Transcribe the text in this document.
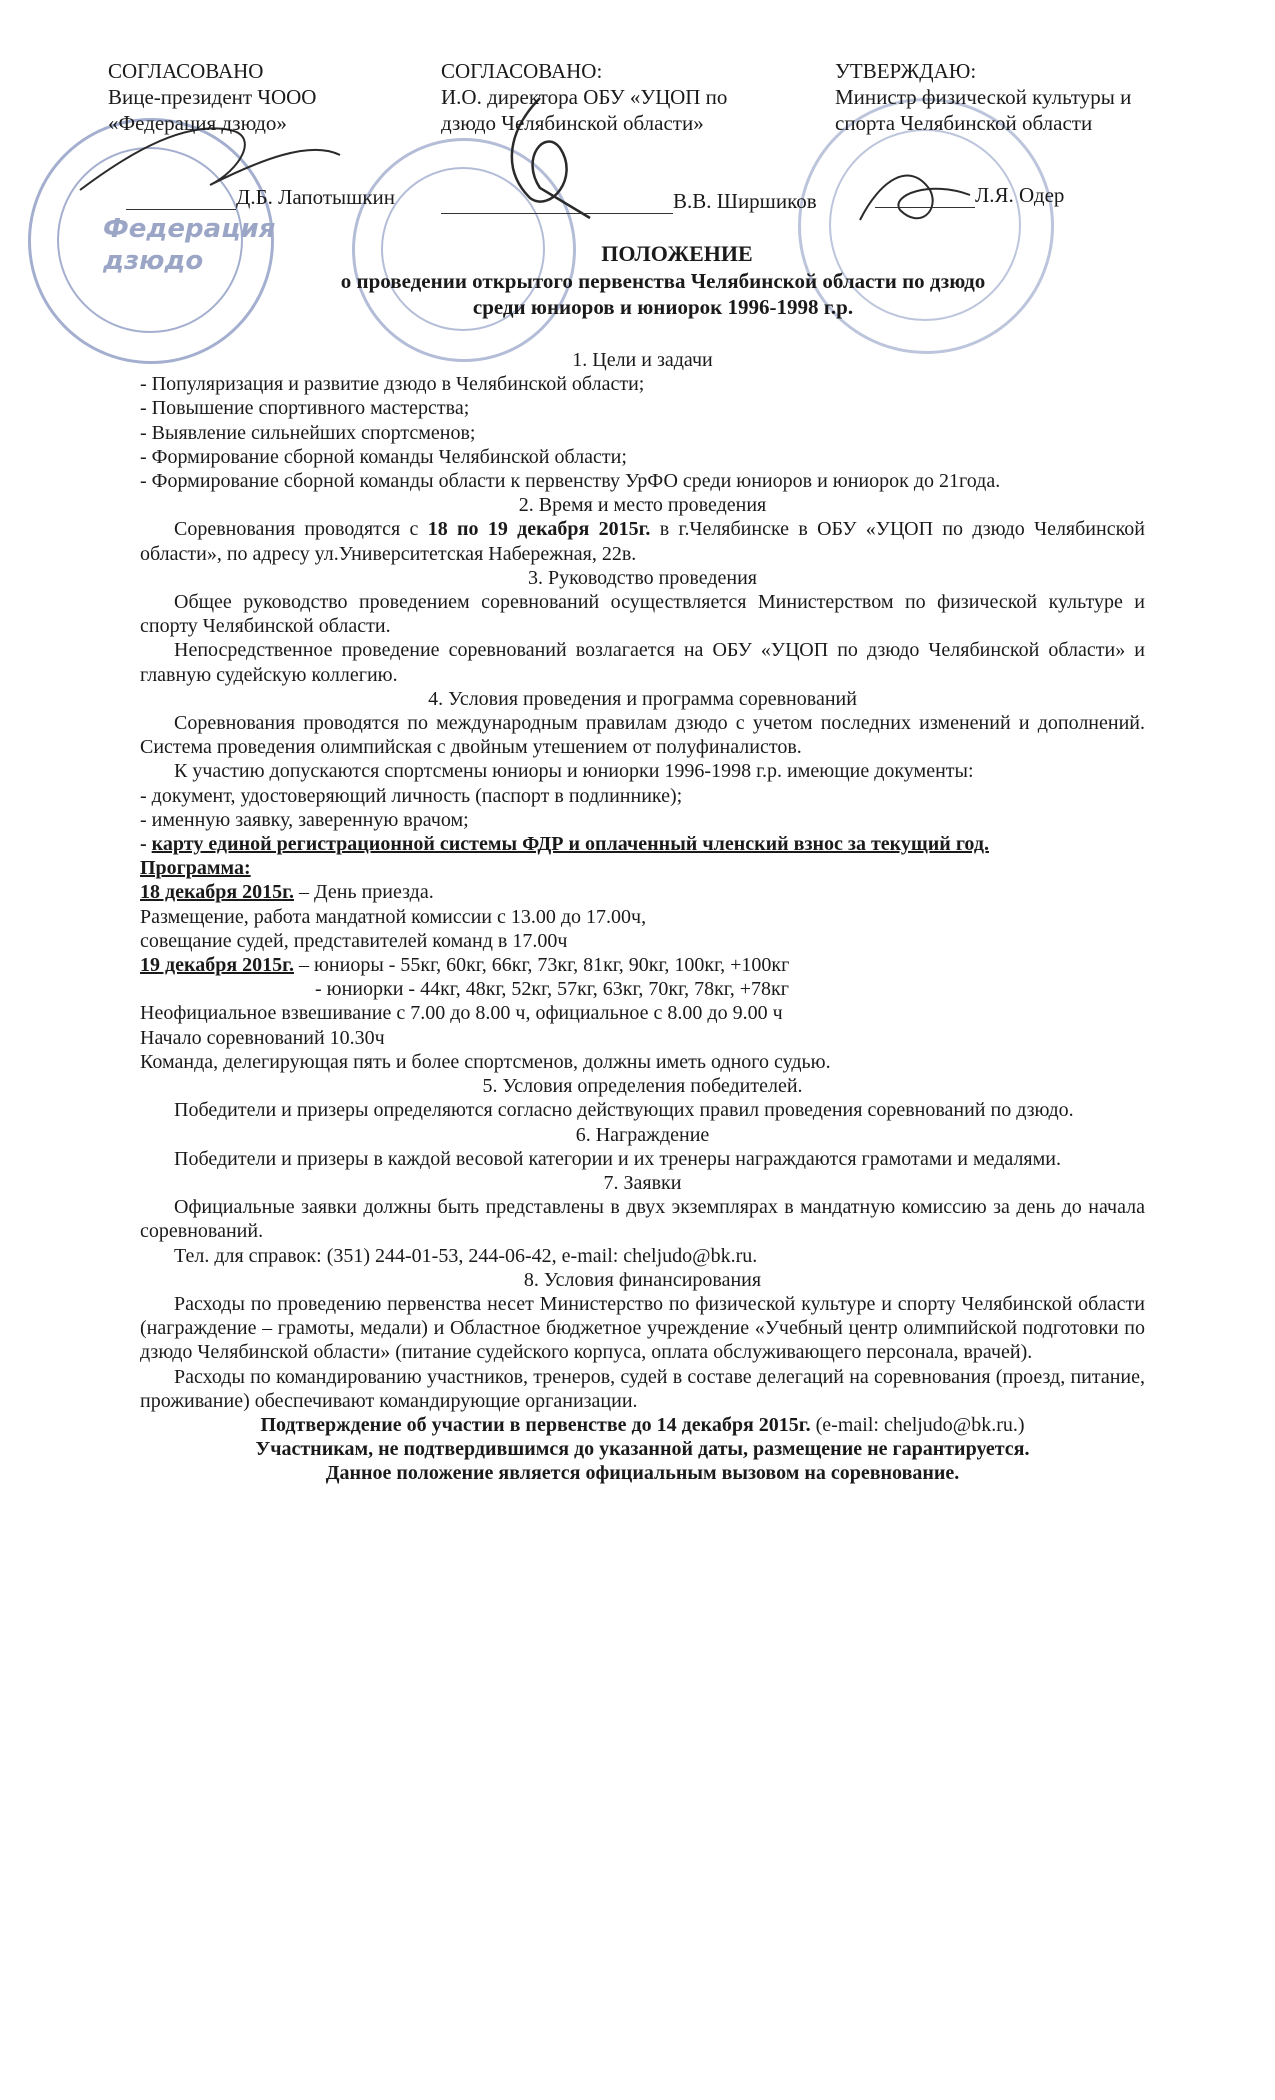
Федерация
дзюдо
СОГЛАСОВАНО
Вице-президент ЧОOO
«Федерация дзюдо»
Д.Б. Лапотышкин
СОГЛАСОВАНО:
И.О. директора ОБУ «УЦОП по
дзюдо Челябинской области»
В.В. Ширшиков
УТВЕРЖДАЮ:
Министр физической культуры и
спорта Челябинской области
Л.Я. Одер
ПОЛОЖЕНИЕ
о проведении открытого первенства Челябинской области по дзюдо
среди юниоров и юниорок 1996-1998 г.р.
1. Цели и задачи
- Популяризация и развитие дзюдо в Челябинской области;
- Повышение спортивного мастерства;
- Выявление сильнейших спортсменов;
- Формирование сборной команды Челябинской области;
- Формирование сборной команды области к первенству УрФО среди юниоров и юниорок до 21года.
2. Время и место проведения
Соревнования проводятся с 18 по 19 декабря 2015г. в г.Челябинске в ОБУ «УЦОП по дзюдо Челябинской области», по адресу ул.Университетская Набережная, 22в.
3. Руководство проведения
Общее руководство проведением соревнований осуществляется Министерством по физической культуре и спорту Челябинской области.
Непосредственное проведение соревнований возлагается на ОБУ «УЦОП по дзюдо Челябинской области» и главную судейскую коллегию.
4. Условия проведения и программа соревнований
Соревнования проводятся по международным правилам дзюдо с учетом последних изменений и дополнений. Система проведения олимпийская с двойным утешением от полуфиналистов.
К участию допускаются спортсмены юниоры и юниорки 1996-1998 г.р. имеющие документы:
- документ, удостоверяющий личность (паспорт в подлиннике);
- именную заявку, заверенную врачом;
- карту единой регистрационной системы ФДР и оплаченный членский взнос за текущий год.
Программа:
18 декабря 2015г. – День приезда.
Размещение, работа мандатной комиссии с 13.00 до 17.00ч,
совещание судей, представителей команд в 17.00ч
19 декабря 2015г. – юниоры - 55кг, 60кг, 66кг, 73кг, 81кг, 90кг, 100кг, +100кг
- юниорки - 44кг, 48кг, 52кг, 57кг, 63кг, 70кг, 78кг, +78кг
Неофициальное взвешивание с 7.00 до 8.00 ч, официальное с 8.00 до 9.00 ч
Начало соревнований 10.30ч
Команда, делегирующая пять и более спортсменов, должны иметь одного судью.
5. Условия определения победителей.
Победители и призеры определяются согласно действующих правил проведения соревнований по дзюдо.
6. Награждение
Победители и призеры в каждой весовой категории и их тренеры награждаются грамотами и медалями.
7. Заявки
Официальные заявки должны быть представлены в двух экземплярах в мандатную комиссию за день до начала соревнований.
Тел. для справок: (351) 244-01-53, 244-06-42, e-mail: cheljudo@bk.ru.
8. Условия финансирования
Расходы по проведению первенства несет Министерство по физической культуре и спорту Челябинской области (награждение – грамоты, медали) и Областное бюджетное учреждение «Учебный центр олимпийской подготовки по дзюдо Челябинской области» (питание судейского корпуса, оплата обслуживающего персонала, врачей).
Расходы по командированию участников, тренеров, судей в составе делегаций на соревнования (проезд, питание, проживание) обеспечивают командирующие организации.
Подтверждение об участии в первенстве до 14 декабря 2015г. (e-mail: cheljudo@bk.ru.)
Участникам, не подтвердившимся до указанной даты, размещение не гарантируется.
Данное положение является официальным вызовом на соревнование.
